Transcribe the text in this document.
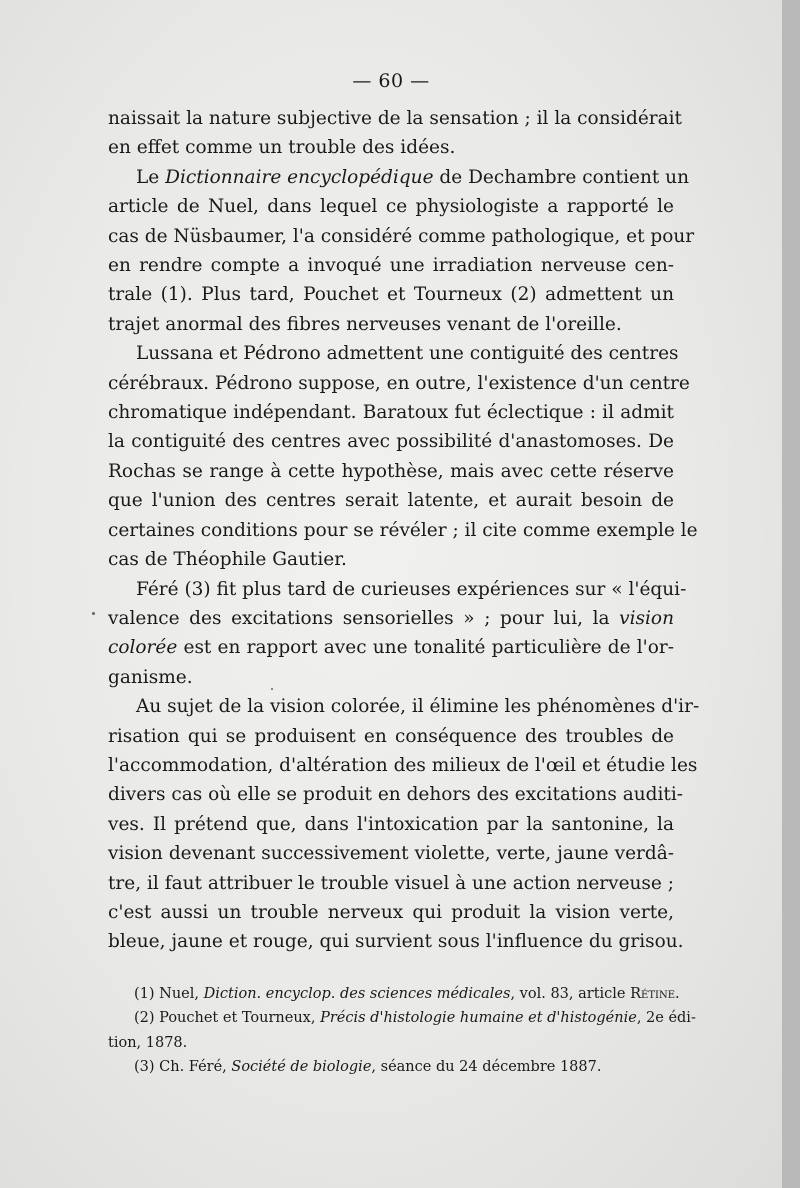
— 60 —
naissait la nature subjective de la sensation ; il la considérait
en effet comme un trouble des idées.
Le Dictionnaire encyclopédique de Dechambre contient un
article de Nuel, dans lequel ce physiologiste a rapporté le
cas de Nüsbaumer, l'a considéré comme pathologique, et pour
en rendre compte a invoqué une irradiation nerveuse cen-
trale (1). Plus tard, Pouchet et Tourneux (2) admettent un
trajet anormal des fibres nerveuses venant de l'oreille.
Lussana et Pédrono admettent une contiguité des centres
cérébraux. Pédrono suppose, en outre, l'existence d'un centre
chromatique indépendant. Baratoux fut éclectique : il admit
la contiguité des centres avec possibilité d'anastomoses. De
Rochas se range à cette hypothèse, mais avec cette réserve
que l'union des centres serait latente, et aurait besoin de
certaines conditions pour se révéler ; il cite comme exemple le
cas de Théophile Gautier.
Féré (3) fit plus tard de curieuses expériences sur « l'équi-
valence des excitations sensorielles » ; pour lui, la vision
colorée est en rapport avec une tonalité particulière de l'or-
ganisme.
Au sujet de la vision colorée, il élimine les phénomènes d'ir-
risation qui se produisent en conséquence des troubles de
l'accommodation, d'altération des milieux de l'œil et étudie les
divers cas où elle se produit en dehors des excitations auditi-
ves. Il prétend que, dans l'intoxication par la santonine, la
vision devenant successivement violette, verte, jaune verdâ-
tre, il faut attribuer le trouble visuel à une action nerveuse ;
c'est aussi un trouble nerveux qui produit la vision verte,
bleue, jaune et rouge, qui survient sous l'influence du grisou.
(1) Nuel, Diction. encyclop. des sciences médicales, vol. 83, article Rétine.
(2) Pouchet et Tourneux, Précis d'histologie humaine et d'histogénie, 2e édi-
tion, 1878.
(3) Ch. Féré, Société de biologie, séance du 24 décembre 1887.
